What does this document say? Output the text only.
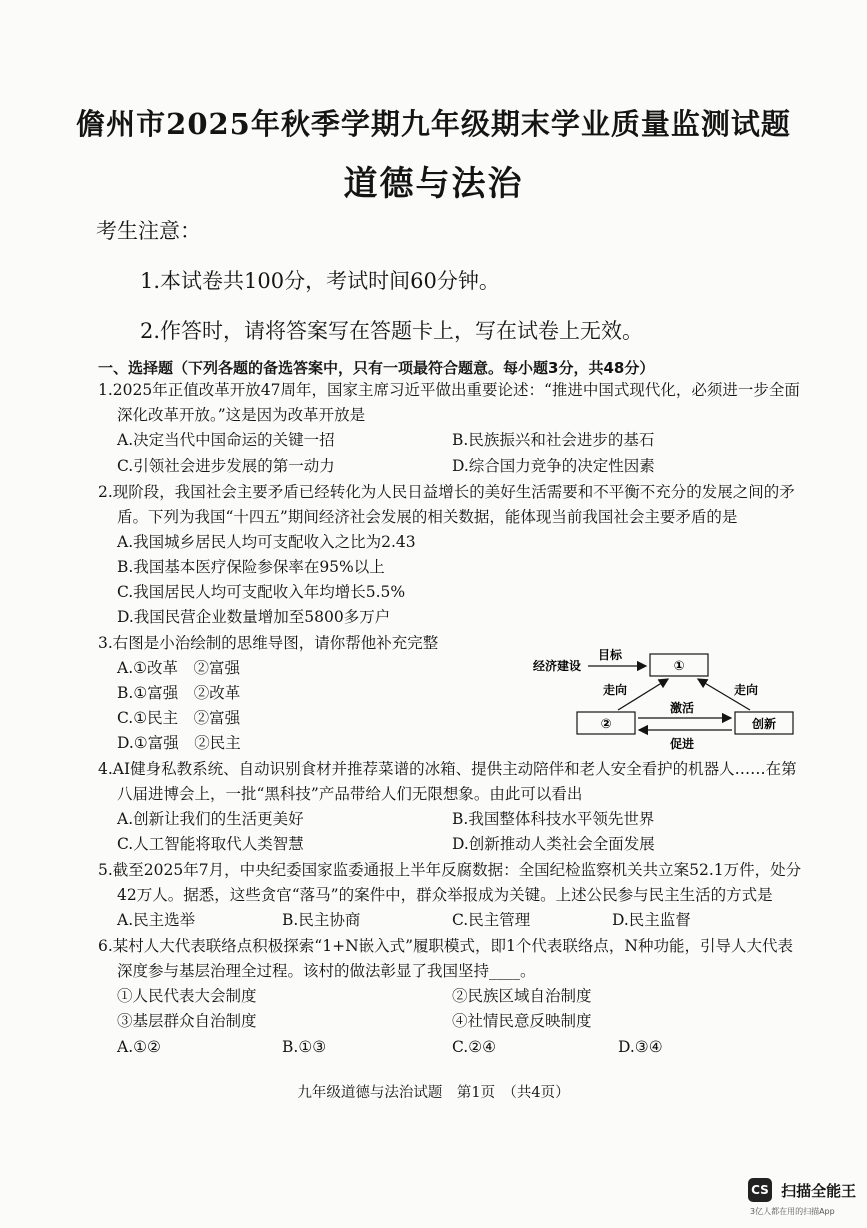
儋州市2025年秋季学期九年级期末学业质量监测试题
道德与法治
考生注意：
1.本试卷共100分，考试时间60分钟。
2.作答时，请将答案写在答题卡上，写在试卷上无效。
一、选择题（下列各题的备选答案中，只有一项最符合题意。每小题3分，共48分）
1.2025年正值改革开放47周年，国家主席习近平做出重要论述：“推进中国式现代化，必须进一步全面
深化改革开放。”这是因为改革开放是
A.决定当代中国命运的关键一招	B.民族振兴和社会进步的基石
C.引领社会进步发展的第一动力	D.综合国力竞争的决定性因素
2.现阶段，我国社会主要矛盾已经转化为人民日益增长的美好生活需要和不平衡不充分的发展之间的矛
盾。下列为我国“十四五”期间经济社会发展的相关数据，能体现当前我国社会主要矛盾的是
A.我国城乡居民人均可支配收入之比为2.43
B.我国基本医疗保险参保率在95%以上
C.我国居民人均可支配收入年均增长5.5%
D.我国民营企业数量增加至5800多万户
3.右图是小治绘制的思维导图，请你帮他补充完整
A.①改革　②富强
B.①富强　②改革
C.①民主　②富强
D.①富强　②民主
经济建设
目标
①
②	创新
走向	走向
激活
促进
4.AI健身私教系统、自动识别食材并推荐菜谱的冰箱、提供主动陪伴和老人安全看护的机器人……在第
八届进博会上，一批“黑科技”产品带给人们无限想象。由此可以看出
A.创新让我们的生活更美好	B.我国整体科技水平领先世界
C.人工智能将取代人类智慧	D.创新推动人类社会全面发展
5.截至2025年7月，中央纪委国家监委通报上半年反腐数据：全国纪检监察机关共立案52.1万件，处分
42万人。据悉，这些贪官“落马”的案件中，群众举报成为关键。上述公民参与民主生活的方式是
A.民主选举	B.民主协商	C.民主管理	D.民主监督
6.某村人大代表联络点积极探索“1+N嵌入式”履职模式，即1个代表联络点，N种功能，引导人大代表
深度参与基层治理全过程。该村的做法彰显了我国坚持____。
①人民代表大会制度	②民族区域自治制度
③基层群众自治制度	④社情民意反映制度
A.①②	B.①③	C.②④	D.③④
九年级道德与法治试题　第1页　（共4页）
CS 扫描全能王
3亿人都在用的扫描App
